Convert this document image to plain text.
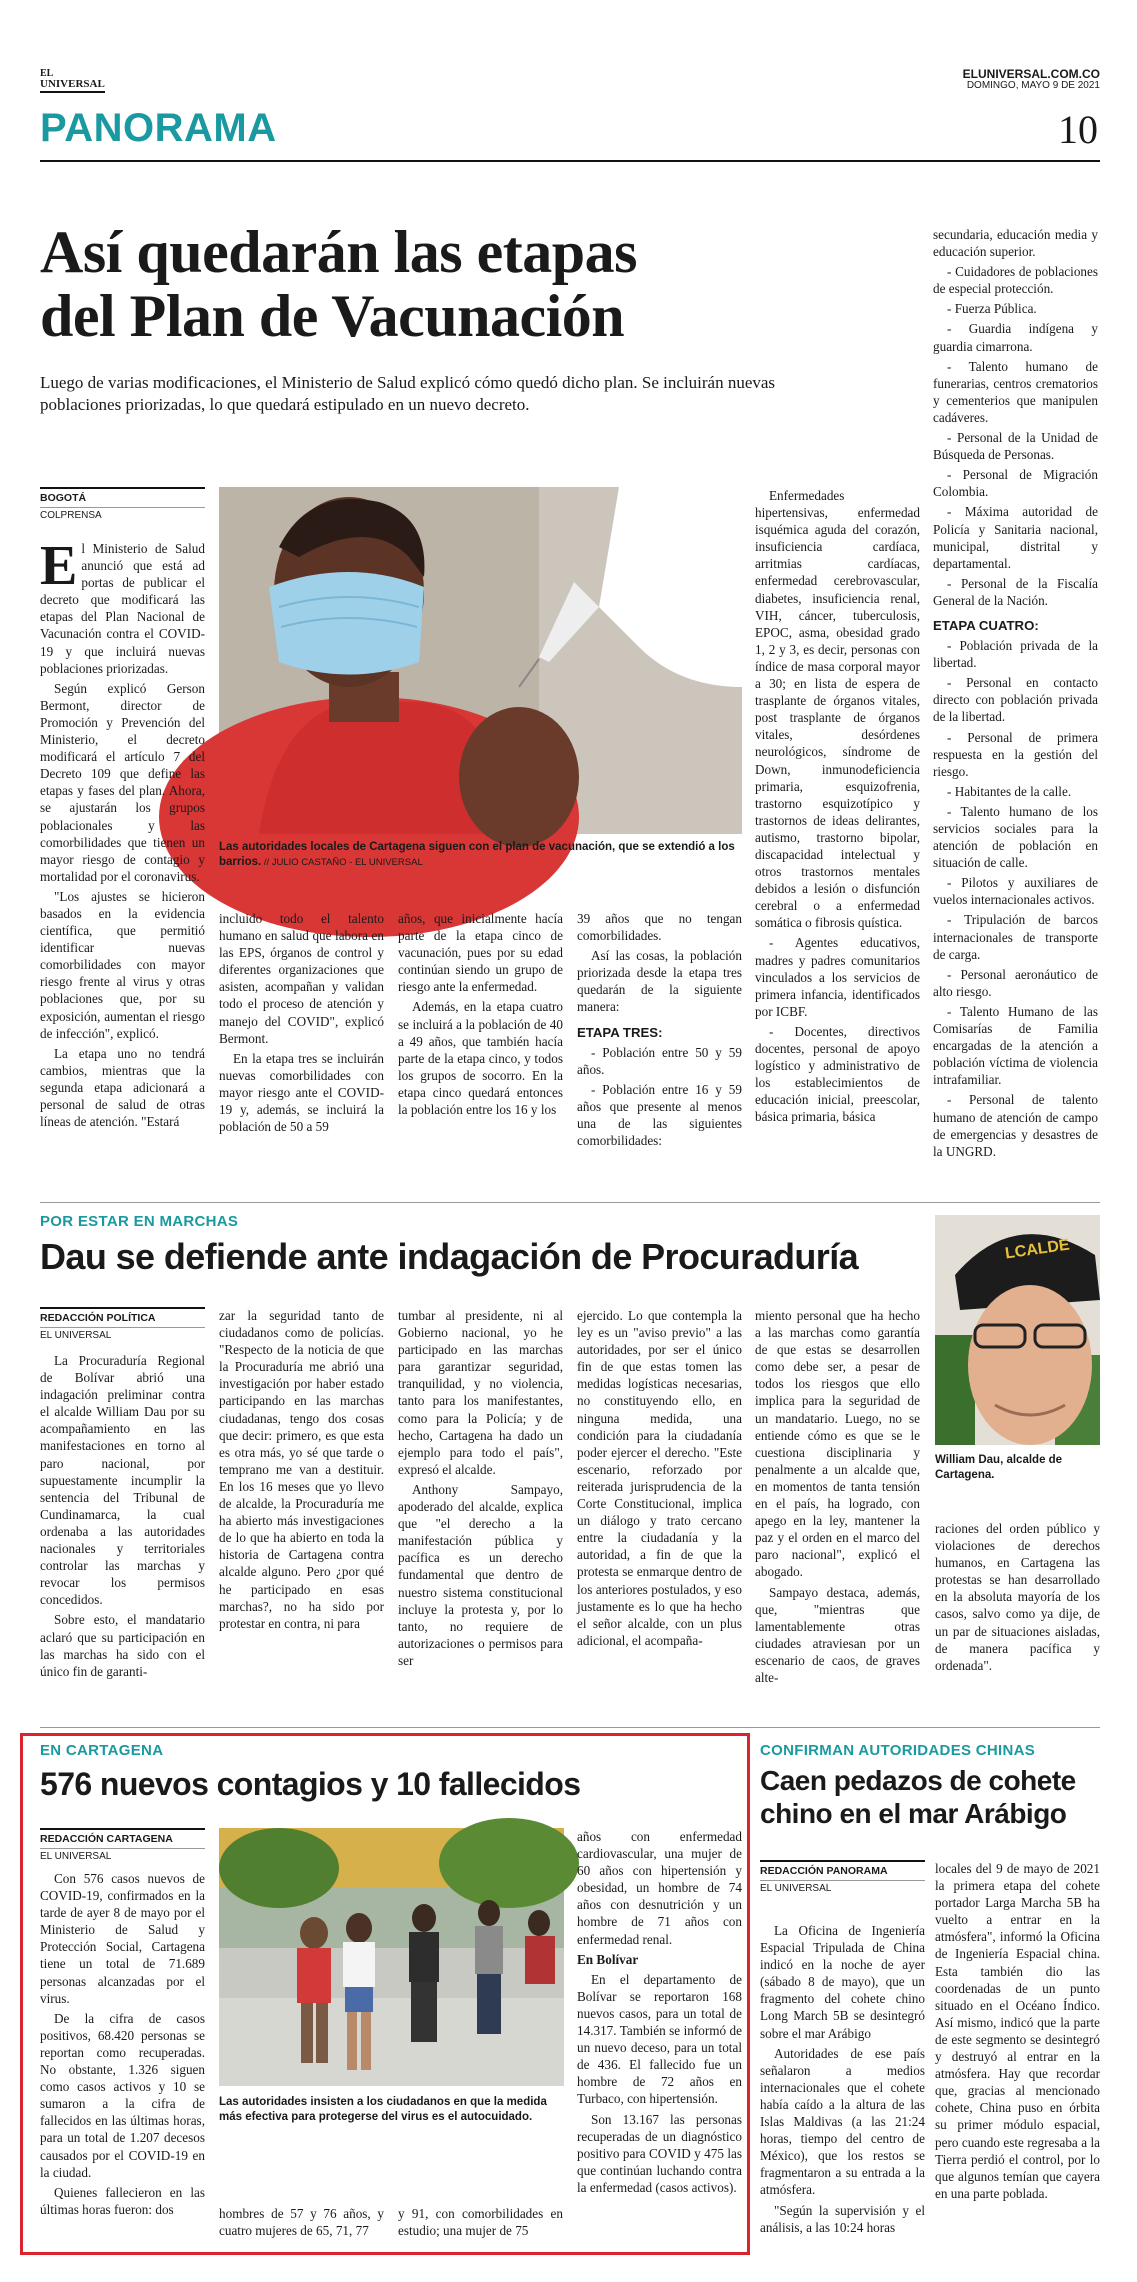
EL
UNIVERSAL
ELUNIVERSAL.COM.CO
DOMINGO, MAYO 9 DE 2021
PANORAMA	10
Así quedarán las etapas
del Plan de Vacunación
Luego de varias modificaciones, el Ministerio de Salud explicó cómo quedó dicho plan. Se incluirán nuevas poblaciones priorizadas, lo que quedará estipulado en un nuevo decreto.
BOGOTÁ
COLPRENSA
Las autoridades locales de Cartagena siguen con el plan de vacunación, que se extendió a los barrios. // JULIO CASTAÑO - EL UNIVERSAL

El Ministerio de Salud anunció que está ad portas de publicar el decreto que modificará las etapas del Plan Nacional de Vacunación contra el COVID-19 y que incluirá nuevas poblaciones priorizadas.

Según explicó Gerson Bermont, director de Promoción y Prevención del Ministerio, el decreto modificará el artículo 7 del Decreto 109 que define las etapas y fases del plan. Ahora, se ajustarán los grupos poblacionales y las comorbilidades que tienen un mayor riesgo de contagio y mortalidad por el coronavirus.

"Los ajustes se hicieron basados en la evidencia científica, que permitió identificar nuevas comorbilidades con mayor riesgo frente al virus y otras poblaciones que, por su exposición, aumentan el riesgo de infección", explicó.

La etapa uno no tendrá cambios, mientras que la segunda etapa adicionará a personal de salud de otras líneas de atención. "Estará

incluido todo el talento humano en salud que labora en las EPS, órganos de control y diferentes organizaciones que asisten, acompañan y validan todo el proceso de atención y manejo del COVID", explicó Bermont.

En la etapa tres se incluirán nuevas comorbilidades con mayor riesgo ante el COVID-19 y, además, se incluirá la población de 50 a 59

años, que inicialmente hacía parte de la etapa cinco de vacunación, pues por su edad continúan siendo un grupo de riesgo ante la enfermedad.

Además, en la etapa cuatro se incluirá a la población de 40 a 49 años, que también hacía parte de la etapa cinco, y todos los grupos de socorro. En la etapa cinco quedará entonces la población entre los 16 y los

39 años que no tengan comorbilidades.

Así las cosas, la población priorizada desde la etapa tres quedarán de la siguiente manera:

ETAPA TRES:

- Población entre 50 y 59 años.

- Población entre 16 y 59 años que presente al menos una de las siguientes comorbilidades:

Enfermedades hipertensivas, enfermedad isquémica aguda del corazón, insuficiencia cardíaca, arritmias cardíacas, enfermedad cerebrovascular, diabetes, insuficiencia renal, VIH, cáncer, tuberculosis, EPOC, asma, obesidad grado 1, 2 y 3, es decir, personas con índice de masa corporal mayor a 30; en lista de espera de trasplante de órganos vitales, post trasplante de órganos vitales, desórdenes neurológicos, síndrome de Down, inmunodeficiencia primaria, esquizofrenia, trastorno esquizotípico y trastornos de ideas delirantes, autismo, trastorno bipolar, discapacidad intelectual y otros trastornos mentales debidos a lesión o disfunción cerebral o a enfermedad somática o fibrosis quística.

- Agentes educativos, madres y padres comunitarios vinculados a los servicios de primera infancia, identificados por ICBF.

- Docentes, directivos docentes, personal de apoyo logístico y administrativo de los establecimientos de educación inicial, preescolar, básica primaria, básica

secundaria, educación media y educación superior.

- Cuidadores de poblaciones de especial protección.

- Fuerza Pública.

- Guardia indígena y guardia cimarrona.

- Talento humano de funerarias, centros crematorios y cementerios que manipulen cadáveres.

- Personal de la Unidad de Búsqueda de Personas.

- Personal de Migración Colombia.

- Máxima autoridad de Policía y Sanitaria nacional, municipal, distrital y departamental.

- Personal de la Fiscalía General de la Nación.

ETAPA CUATRO:

- Población privada de la libertad.

- Personal en contacto directo con población privada de la libertad.

- Personal de primera respuesta en la gestión del riesgo.

- Habitantes de la calle.

- Talento humano de los servicios sociales para la atención de población en situación de calle.

- Pilotos y auxiliares de vuelos internacionales activos.

- Tripulación de barcos internacionales de transporte de carga.

- Personal aeronáutico de alto riesgo.

- Talento Humano de las Comisarías de Familia encargadas de la atención a población víctima de violencia intrafamiliar.

- Personal de talento humano de atención de campo de emergencias y desastres de la UNGRD.

POR ESTAR EN MARCHAS
Dau se defiende ante indagación de Procuraduría
REDACCIÓN POLÍTICA
EL UNIVERSAL
LCALDE
William Dau, alcalde de Cartagena.

La Procuraduría Regional de Bolívar abrió una indagación preliminar contra el alcalde William Dau por su acompañamiento en las manifestaciones en torno al paro nacional, por supuestamente incumplir la sentencia del Tribunal de Cundinamarca, la cual ordenaba a las autoridades nacionales y territoriales controlar las marchas y revocar los permisos concedidos.

Sobre esto, el mandatario aclaró que su participación en las marchas ha sido con el único fin de garanti-

zar la seguridad tanto de ciudadanos como de policías. "Respecto de la noticia de que la Procuraduría me abrió una investigación por haber estado participando en las marchas ciudadanas, tengo dos cosas que decir: primero, es que esta es otra más, yo sé que tarde o temprano me van a destituir. En los 16 meses que yo llevo de alcalde, la Procuraduría me ha abierto más investigaciones de lo que ha abierto en toda la historia de Cartagena contra alcalde alguno. Pero ¿por qué he participado en esas marchas?, no ha sido por protestar en contra, ni para

tumbar al presidente, ni al Gobierno nacional, yo he participado en las marchas para garantizar seguridad, tranquilidad, y no violencia, tanto para los manifestantes, como para la Policía; y de hecho, Cartagena ha dado un ejemplo para todo el país", expresó el alcalde.

Anthony Sampayo, apoderado del alcalde, explica que "el derecho a la manifestación pública y pacífica es un derecho fundamental que dentro de nuestro sistema constitucional incluye la protesta y, por lo tanto, no requiere de autorizaciones o permisos para ser

ejercido. Lo que contempla la ley es un "aviso previo" a las autoridades, por ser el único fin de que estas tomen las medidas logísticas necesarias, no constituyendo ello, en ninguna medida, una condición para la ciudadanía poder ejercer el derecho. "Este escenario, reforzado por reiterada jurisprudencia de la Corte Constitucional, implica un diálogo y trato cercano entre la ciudadanía y la autoridad, a fin de que la protesta se enmarque dentro de los anteriores postulados, y eso justamente es lo que ha hecho el señor alcalde, con un plus adicional, el acompaña-

miento personal que ha hecho a las marchas como garantía de que estas se desarrollen como debe ser, a pesar de todos los riesgos que ello implica para la seguridad de un mandatario. Luego, no se entiende cómo es que se le cuestiona disciplinaria y penalmente a un alcalde que, en momentos de tanta tensión en el país, ha logrado, con apego en la ley, mantener la paz y el orden en el marco del paro nacional", explicó el abogado.

Sampayo destaca, además, que, "mientras que lamentablemente otras ciudades atraviesan por un escenario de caos, de graves alte-

raciones del orden público y violaciones de derechos humanos, en Cartagena las protestas se han desarrollado en la absoluta mayoría de los casos, salvo como ya dije, de un par de situaciones aisladas, de manera pacífica y ordenada".

EN CARTAGENA
576 nuevos contagios y 10 fallecidos
REDACCIÓN CARTAGENA
EL UNIVERSAL
Las autoridades insisten a los ciudadanos en que la medida más efectiva para protegerse del virus es el autocuidado.

Con 576 casos nuevos de COVID-19, confirmados en la tarde de ayer 8 de mayo por el Ministerio de Salud y Protección Social, Cartagena tiene un total de 71.689 personas alcanzadas por el virus.

De la cifra de casos positivos, 68.420 personas se reportan como recuperadas. No obstante, 1.326 siguen como casos activos y 10 se sumaron a la cifra de fallecidos en las últimas horas, para un total de 1.207 decesos causados por el COVID-19 en la ciudad.

Quienes fallecieron en las últimas horas fueron: dos	hombres de 57 y 76 años, y cuatro mujeres de 65, 71, 77

y 91, con comorbilidades en estudio; una mujer de 75

años con enfermedad cardiovascular, una mujer de 60 años con hipertensión y obesidad, un hombre de 74 años con desnutrición y un hombre de 71 años con enfermedad renal.

En Bolívar

En el departamento de Bolívar se reportaron 168 nuevos casos, para un total de 14.317. También se informó de un nuevo deceso, para un total de 436. El fallecido fue un hombre de 72 años en Turbaco, con hipertensión.

Son 13.167 las personas recuperadas de un diagnóstico positivo para COVID y 475 las que continúan luchando contra la enfermedad (casos activos).

CONFIRMAN AUTORIDADES CHINAS
Caen pedazos de cohete
chino en el mar Arábigo
REDACCIÓN PANORAMA
EL UNIVERSAL

La Oficina de Ingeniería Espacial Tripulada de China indicó en la noche de ayer (sábado 8 de mayo), que un fragmento del cohete chino Long March 5B se desintegró sobre el mar Arábigo

Autoridades de ese país señalaron a medios internacionales que el cohete había caído a la altura de las Islas Maldivas (a las 21:24 horas, tiempo del centro de México), que los restos se fragmentaron a su entrada a la atmósfera.

"Según la supervisión y el análisis, a las 10:24 horas

locales del 9 de mayo de 2021 la primera etapa del cohete portador Larga Marcha 5B ha vuelto a entrar en la atmósfera", informó la Oficina de Ingeniería Espacial china. Esta también dio las coordenadas de un punto situado en el Océano Índico. Así mismo, indicó que la parte de este segmento se desintegró y destruyó al entrar en la atmósfera. Hay que recordar que, gracias al mencionado cohete, China puso en órbita su primer módulo espacial, pero cuando este regresaba a la Tierra perdió el control, por lo que algunos temían que cayera en una parte poblada.
